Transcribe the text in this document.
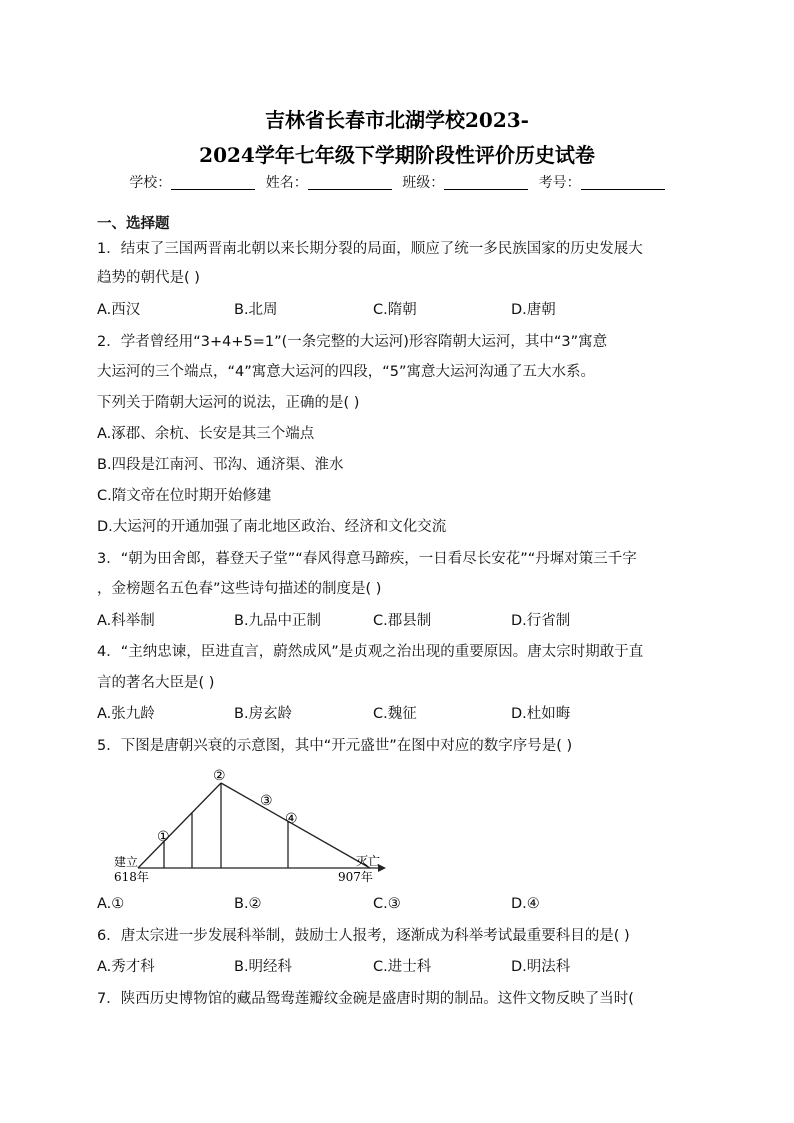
吉林省长春市北湖学校2023-
2024学年七年级下学期阶段性评价历史试卷
学校：	姓名：	班级：	考号：
一、选择题
1．结束了三国两晋南北朝以来长期分裂的局面，顺应了统一多民族国家的历史发展大
趋势的朝代是( )
A.西汉	B.北周	C.隋朝	D.唐朝
2．学者曾经用“3+4+5=1”(一条完整的大运河)形容隋朝大运河，其中“3”寓意
大运河的三个端点，“4”寓意大运河的四段，“5”寓意大运河沟通了五大水系。
下列关于隋朝大运河的说法，正确的是( )
A.涿郡、余杭、长安是其三个端点
B.四段是江南河、邗沟、通济渠、淮水
C.隋文帝在位时期开始修建
D.大运河的开通加强了南北地区政治、经济和文化交流
3．“朝为田舍郎，暮登天子堂”“春风得意马蹄疾，一日看尽长安花”“丹墀对策三千字
，金榜题名五色春”这些诗句描述的制度是( )
A.科举制	B.九品中正制	C.郡县制	D.行省制
4．“主纳忠谏，臣进直言，蔚然成风”是贞观之治出现的重要原因。唐太宗时期敢于直
言的著名大臣是( )
A.张九龄	B.房玄龄	C.魏征	D.杜如晦
5．下图是唐朝兴衰的示意图，其中“开元盛世”在图中对应的数字序号是( )
①
②
③
④
建立
618年
灭亡
907年
A.①	B.②	C.③	D.④
6．唐太宗进一步发展科举制，鼓励士人报考，逐渐成为科举考试最重要科目的是( )
A.秀才科	B.明经科	C.进士科	D.明法科
7．陕西历史博物馆的藏品鸳鸯莲瓣纹金碗是盛唐时期的制品。这件文物反映了当时(
